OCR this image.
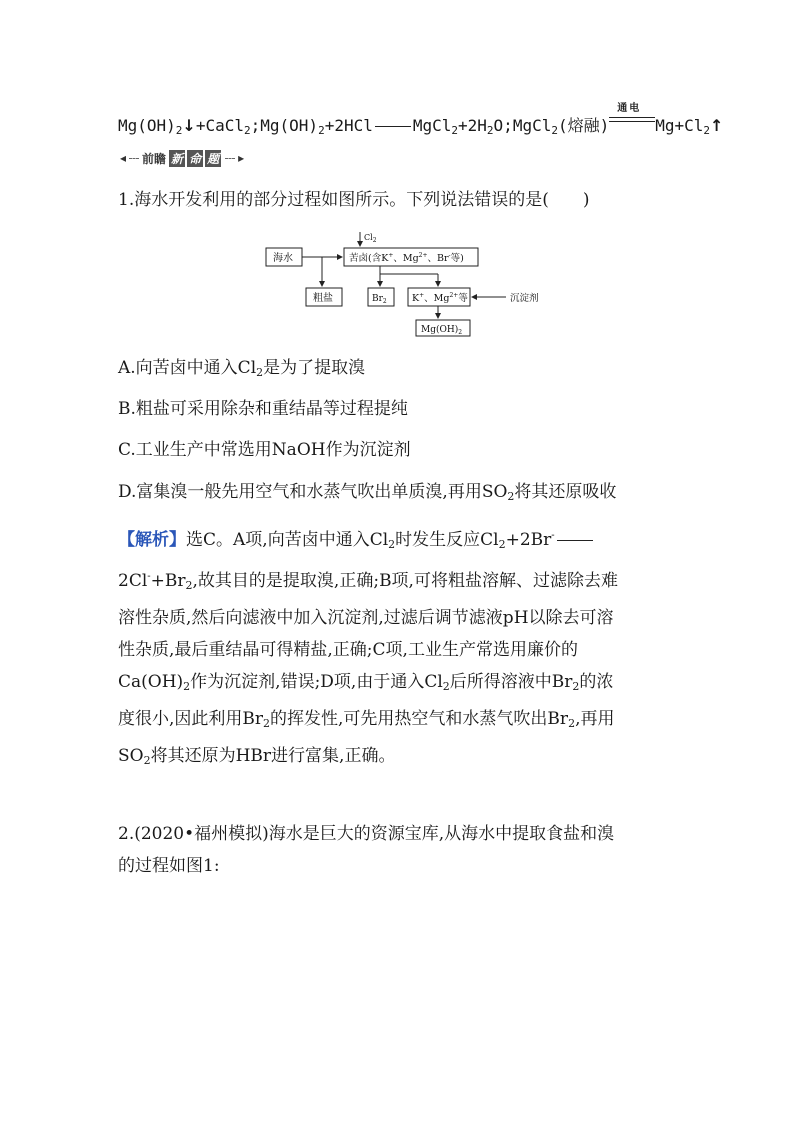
$Mg(OH)_2↓+CaCl_2;Mg(OH)_2+2HCl$	$MgCl_2+2H_2O;MgCl_2$(熔融)
通电
$Mg+Cl_2↑$
◂ 前瞻 新 命 题 ▸
1.海水开发利用的部分过程如图所示。下列说法错误的是(　　)
海水
$Cl_2$
苦卤(含K+、$Mg^{2+}$、Br-等)
粗盐	$Br_2$	K+、$Mg^{2+}$等	沉淀剂
$Mg(OH)_2$
A.向苦卤中通入$Cl_2$是为了提取溴
B.粗盐可采用除杂和重结晶等过程提纯
C.工业生产中常选用NaOH作为沉淀剂
D.富集溴一般先用空气和水蒸气吹出单质溴,再用$SO_2$将其还原吸收
【解析】选C。A项,向苦卤中通入$Cl_2$时发生反应$Cl_2+2Br^-$
$2Cl^-+Br_2$,故其目的是提取溴,正确;B项,可将粗盐溶解、过滤除去难
溶性杂质,然后向滤液中加入沉淀剂,过滤后调节滤液pH以除去可溶
性杂质,最后重结晶可得精盐,正确;C项,工业生产常选用廉价的
$Ca(OH)_2$作为沉淀剂,错误;D项,由于通入$Cl_2$后所得溶液中$Br_2$的浓
度很小,因此利用$Br_2$的挥发性,可先用热空气和水蒸气吹出$Br_2$,再用
$SO_2$将其还原为HBr进行富集,正确。
2.(2020•福州模拟)海水是巨大的资源宝库,从海水中提取食盐和溴
的过程如图1:
